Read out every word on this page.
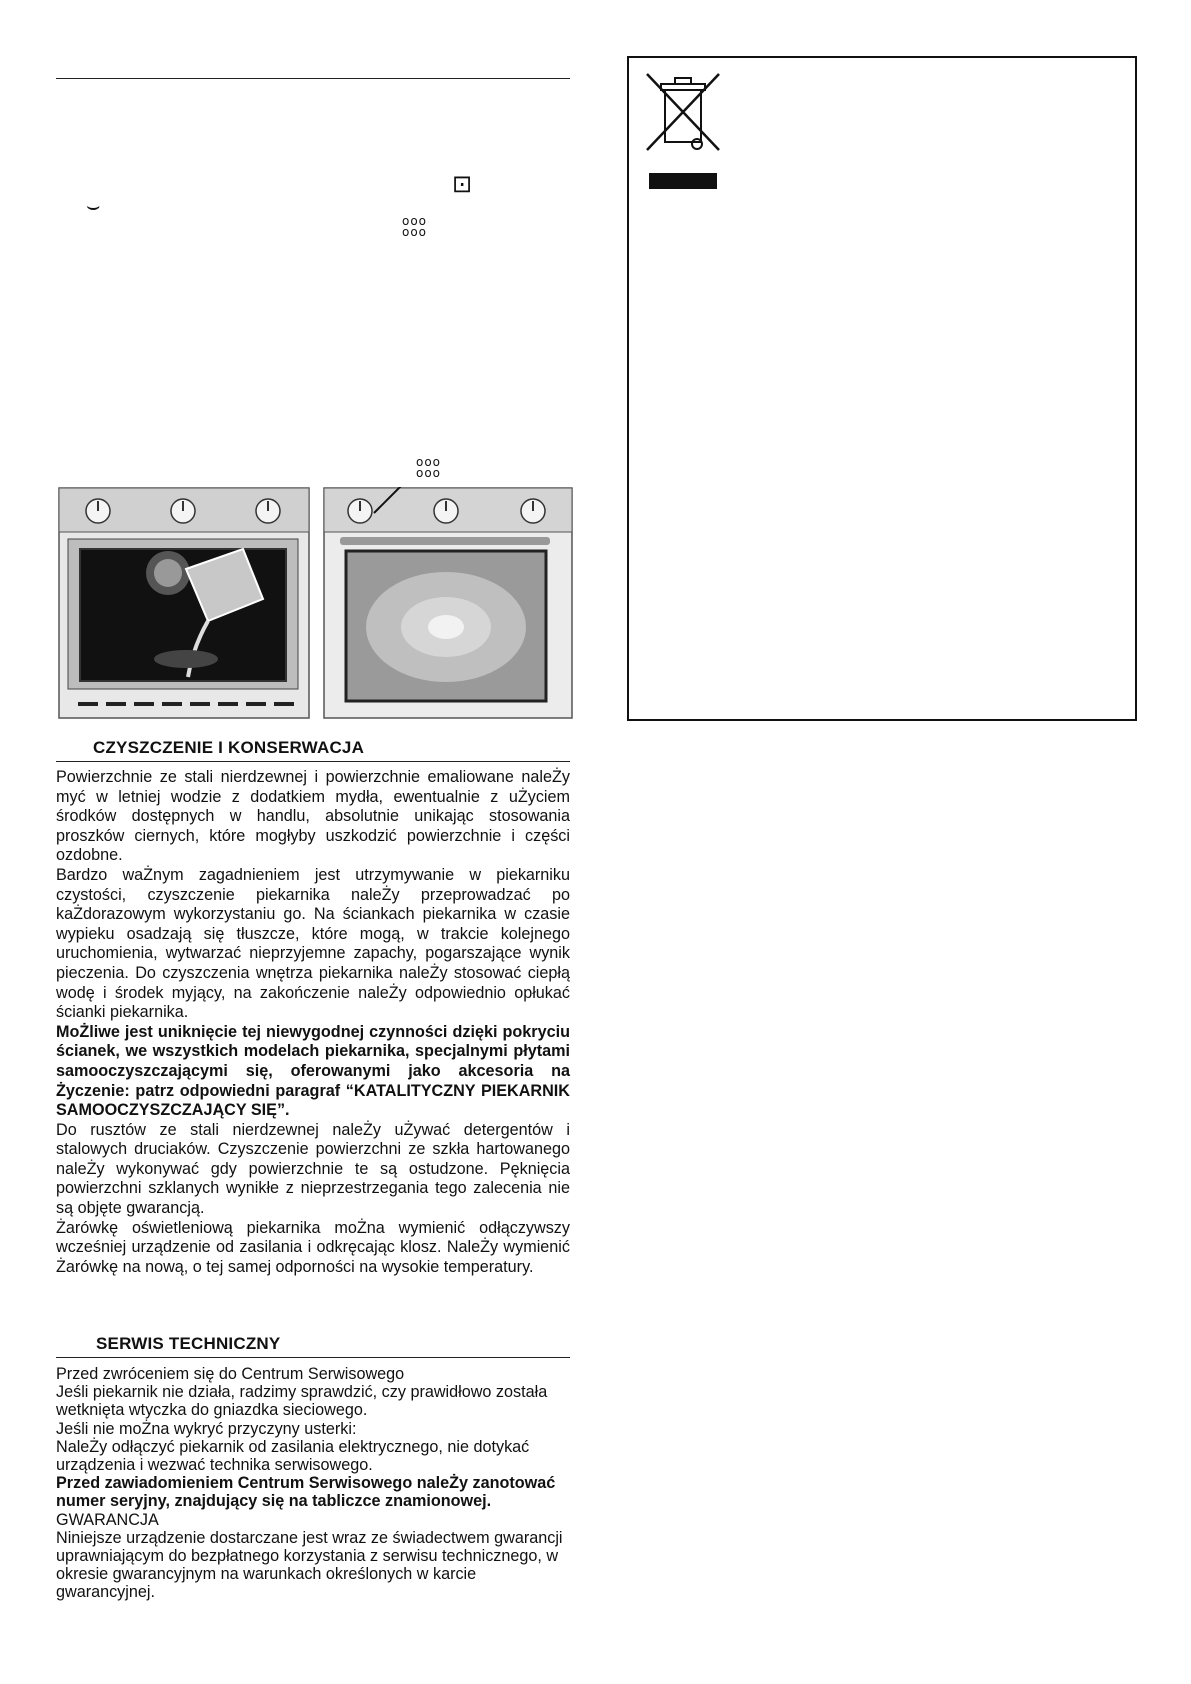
⊡
⌣
ooo ooo
ooo ooo
CZYSZCZENIE I KONSERWACJA

Powierzchnie ze stali nierdzewnej i powierzchnie emaliowane naleŻy myć w letniej wodzie z dodatkiem mydła, ewentualnie z uŻyciem środków dostępnych w handlu, absolutnie unikając stosowania proszków ciernych, które mogłyby uszkodzić powierzchnie i części ozdobne.

Bardzo waŻnym zagadnieniem jest utrzymywanie w piekarniku czystości, czyszczenie piekarnika naleŻy przeprowadzać po kaŻdorazowym wykorzystaniu go. Na ściankach piekarnika w czasie wypieku osadzają się tłuszcze, które mogą, w trakcie kolejnego uruchomienia, wytwarzać nieprzyjemne zapachy, pogarszające wynik pieczenia. Do czyszczenia wnętrza piekarnika naleŻy stosować ciepłą wodę i środek myjący, na zakończenie naleŻy odpowiednio opłukać ścianki piekarnika.

MoŻliwe jest uniknięcie tej niewygodnej czynności dzięki pokryciu ścianek, we wszystkich modelach piekarnika, specjalnymi płytami samooczyszczającymi się, oferowanymi jako akcesoria na Życzenie: patrz odpowiedni paragraf “KATALITYCZNY PIEKARNIK SAMOOCZYSZCZAJĄCY SIĘ”.

Do rusztów ze stali nierdzewnej naleŻy uŻywać detergentów i stalowych druciaków. Czyszczenie powierzchni ze szkła hartowanego naleŻy wykonywać gdy powierzchnie te są ostudzone. Pęknięcia powierzchni szklanych wynikłe z nieprzestrzegania tego zalecenia nie są objęte gwarancją.

Żarówkę oświetleniową piekarnika moŻna wymienić odłączywszy wcześniej urządzenie od zasilania i odkręcając klosz. NaleŻy wymienić Żarówkę na nową, o tej samej odporności na wysokie temperatury.

SERWIS TECHNICZNY

Przed zwróceniem się do Centrum Serwisowego

Jeśli piekarnik nie działa, radzimy sprawdzić, czy prawidłowo została wetknięta wtyczka do gniazdka sieciowego.

Jeśli nie moŻna wykryć przyczyny usterki:

NaleŻy odłączyć piekarnik od zasilania elektrycznego, nie dotykać urządzenia i wezwać technika serwisowego.

Przed zawiadomieniem Centrum Serwisowego naleŻy zanotować numer seryjny, znajdujący się na tabliczce znamionowej.

GWARANCJA

Niniejsze urządzenie dostarczane jest wraz ze świadectwem gwarancji uprawniającym do bezpłatnego korzystania z serwisu technicznego, w okresie gwarancyjnym na warunkach określonych w karcie gwarancyjnej.
